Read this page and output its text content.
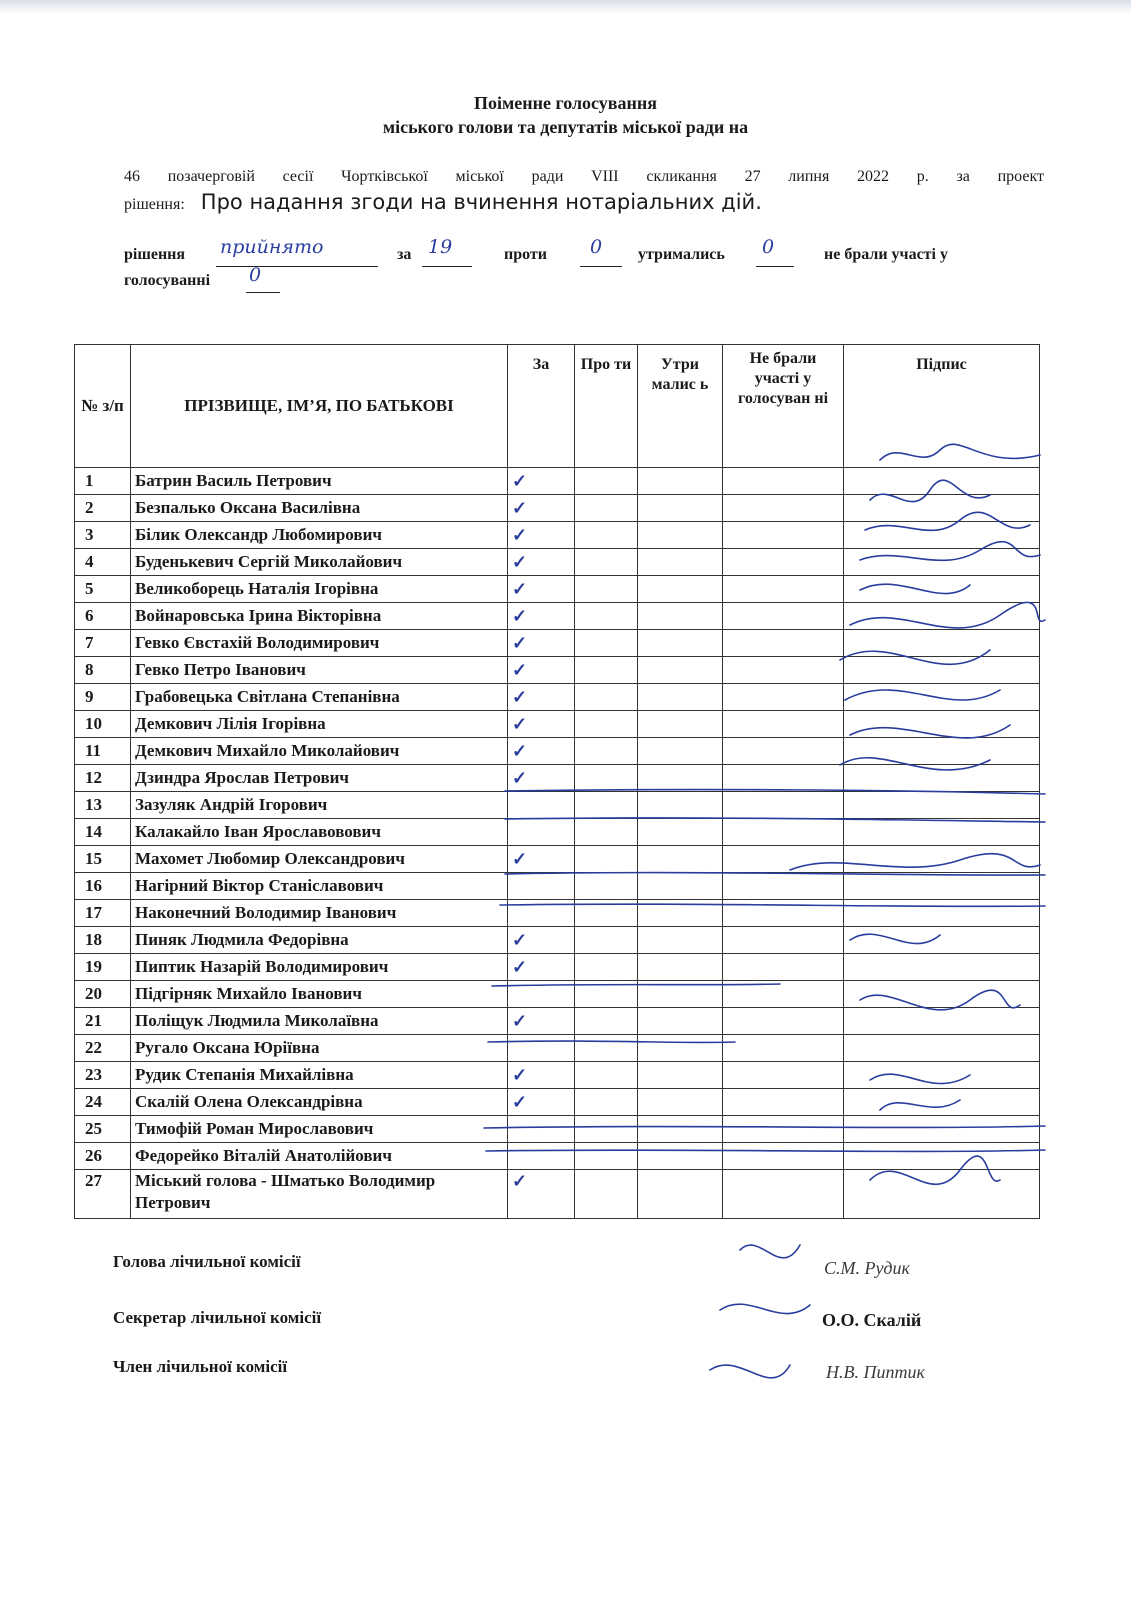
Поіменне голосування
міського голови та депутатів міської ради на
46 позачерговій сесії Чортківської міської ради VIII скликання 27 липня 2022 р. за проект
рішення: Про надання згоди на вчинення нотаріальних дій.
рішення прийнято	за 19	проти 0 утримались 0	не брали участі у
голосуванні 0
№ з/п	ПРІЗВИЩЕ, ІМ’Я, ПО БАТЬКОВІ	За	Про ти	Утри малис ь	Не брали участі у голосуван ні	Підпис
1	Батрин Василь Петрович	✓				
2	Безпалько Оксана Василівна	✓				
3	Білик Олександр Любомирович	✓				
4	Буденькевич Сергій Миколайович	✓				
5	Великоборець Наталія Ігорівна	✓				
6	Войнаровська Ірина Вікторівна	✓				
7	Гевко Євстахій Володимирович	✓				
8	Гевко Петро Іванович	✓				
9	Грабовецька Світлана Степанівна	✓				
10	Демкович Лілія Ігорівна	✓				
11	Демкович Михайло Миколайович	✓				
12	Дзиндра Ярослав Петрович	✓				
13	Зазуляк Андрій Ігорович					
14	Калакайло Іван Ярославовович					
15	Махомет Любомир Олександрович	✓				
16	Нагірний Віктор Станіславович					
17	Наконечний Володимир Іванович					
18	Пиняк Людмила Федорівна	✓				
19	Пиптик Назарій Володимирович	✓				
20	Підгірняк Михайло Іванович					
21	Поліщук Людмила Миколаївна	✓				
22	Ругало Оксана Юріївна					
23	Рудик Степанія Михайлівна	✓				
24	Скалій Олена Олександрівна	✓				
25	Тимофій Роман Мирославович					
26	Федорейко Віталій Анатолійович					
27	Міський голова - Шматько Володимир Петрович	✓				
Голова лічильної комісії
Секретар лічильної комісії
Член лічильної комісії
С.М. Рудик
О.О. Скалій
Н.В. Пиптик
